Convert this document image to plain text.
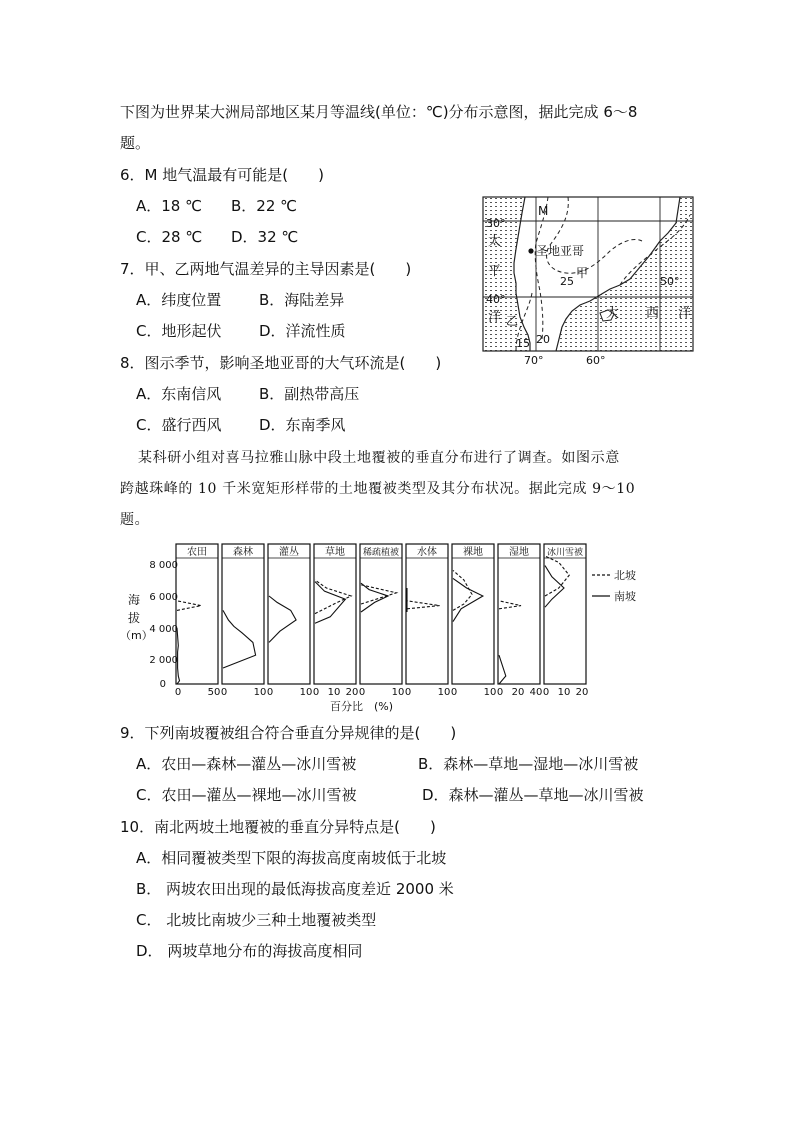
下图为世界某大洲局部地区某月等温线(单位：℃)分布示意图，据此完成 6～8
题。
6．M 地气温最有可能是(　　)
A．18 ℃ B．22 ℃
C．28 ℃ D．32 ℃
7．甲、乙两地气温差异的主导因素是(　　)
A．纬度位置	B．海陆差异
C．地形起伏	D．洋流性质
8．图示季节，影响圣地亚哥的大气环流是(　　)
A．东南信风	B．副热带高压
C．盛行西风	D．东南季风
30°
40°
70°	60°
50°
M
圣地亚哥
甲
乙
25
20
15
太
平
洋	大 西 洋
某科研小组对喜马拉雅山脉中段土地覆被的垂直分布进行了调查。如图示意
跨越珠峰的 10 千米宽矩形样带的土地覆被类型及其分布状况。据此完成 9～10
题。
海
拔
（m）
8 000
6 000
4 000
2 000
0
百分比　(%)
北坡
南坡
农田
0	50
森林
0	10
灌丛
0	10
草地
0 10 20
稀疏植被
0	10
水体
0	10
裸地
0	10
湿地
0 20 40
冰川雪被
0 10 20
9．下列南坡覆被组合符合垂直分异规律的是(　　)
A．农田—森林—灌丛—冰川雪被	B．森林—草地—湿地—冰川雪被
C．农田—灌丛—裸地—冰川雪被	D．森林—灌丛—草地—冰川雪被
10．南北两坡土地覆被的垂直分异特点是(　　)
A．相同覆被类型下限的海拔高度南坡低于北坡
B． 两坡农田出现的最低海拔高度差近 2000 米
C． 北坡比南坡少三种土地覆被类型
D． 两坡草地分布的海拔高度相同
